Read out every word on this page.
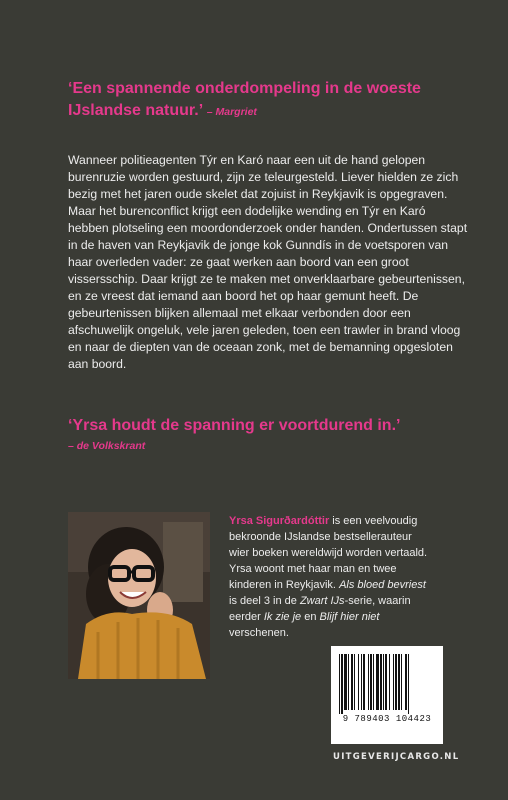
‘Een spannende onderdompeling in de woeste IJslandse natuur.’ – Margriet

Wanneer politieagenten Týr en Karó naar een uit de hand gelopen burenruzie worden gestuurd, zijn ze teleurgesteld. Liever hielden ze zich bezig met het jaren oude skelet dat zojuist in Reykjavik is opgegraven. Maar het burenconflict krijgt een dodelijke wending en Týr en Karó hebben plotseling een moordonderzoek onder handen. Ondertussen stapt in de haven van Reykjavik de jonge kok Gunndís in de voetsporen van haar overleden vader: ze gaat werken aan boord van een groot vissersschip. Daar krijgt ze te maken met onverklaarbare gebeurtenissen, en ze vreest dat iemand aan boord het op haar gemunt heeft. De gebeurtenissen blijken allemaal met elkaar verbonden door een afschuwelijk ongeluk, vele jaren geleden, toen een trawler in brand vloog en naar de diepten van de oceaan zonk, met de bemanning opgesloten aan boord.

‘Yrsa houdt de spanning er voortdurend in.’
– de Volkskrant
Yrsa Sigurðardóttir is een veelvoudig bekroonde IJslandse bestsellerauteur wier boeken wereldwijd worden vertaald. Yrsa woont met haar man en twee kinderen in Reykjavik. Als bloed bevriest is deel 3 in de Zwart IJs-serie, waarin eerder Ik zie je en Blijf hier niet verschenen.
9 789403 104423
UITGEVERIJCARGO.NL
